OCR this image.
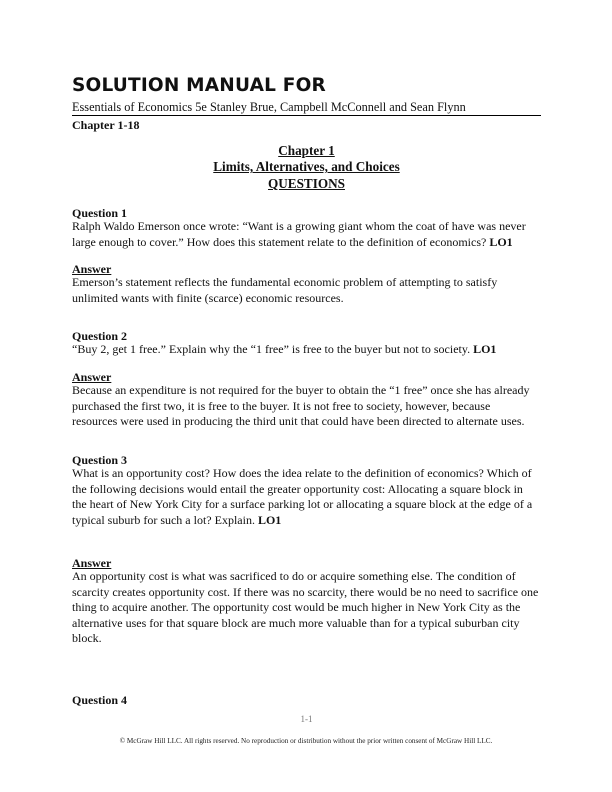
SOLUTION MANUAL FOR
Essentials of Economics 5e Stanley Brue, Campbell McConnell and Sean Flynn
Chapter 1-18
Chapter 1
Limits, Alternatives, and Choices
QUESTIONS
Question 1
Ralph Waldo Emerson once wrote: “Want is a growing giant whom the coat of have was never
large enough to cover.” How does this statement relate to the definition of economics? LO1
Answer
Emerson’s statement reflects the fundamental economic problem of attempting to satisfy
unlimited wants with finite (scarce) economic resources.
Question 2
“Buy 2, get 1 free.” Explain why the “1 free” is free to the buyer but not to society. LO1
Answer
Because an expenditure is not required for the buyer to obtain the “1 free” once she has already
purchased the first two, it is free to the buyer. It is not free to society, however, because
resources were used in producing the third unit that could have been directed to alternate uses.
Question 3
What is an opportunity cost? How does the idea relate to the definition of economics? Which of
the following decisions would entail the greater opportunity cost: Allocating a square block in
the heart of New York City for a surface parking lot or allocating a square block at the edge of a
typical suburb for such a lot? Explain. LO1
Answer
An opportunity cost is what was sacrificed to do or acquire something else. The condition of
scarcity creates opportunity cost. If there was no scarcity, there would be no need to sacrifice one
thing to acquire another. The opportunity cost would be much higher in New York City as the
alternative uses for that square block are much more valuable than for a typical suburban city
block.
Question 4
1-1
© McGraw Hill LLC. All rights reserved. No reproduction or distribution without the prior written consent of McGraw Hill LLC.
